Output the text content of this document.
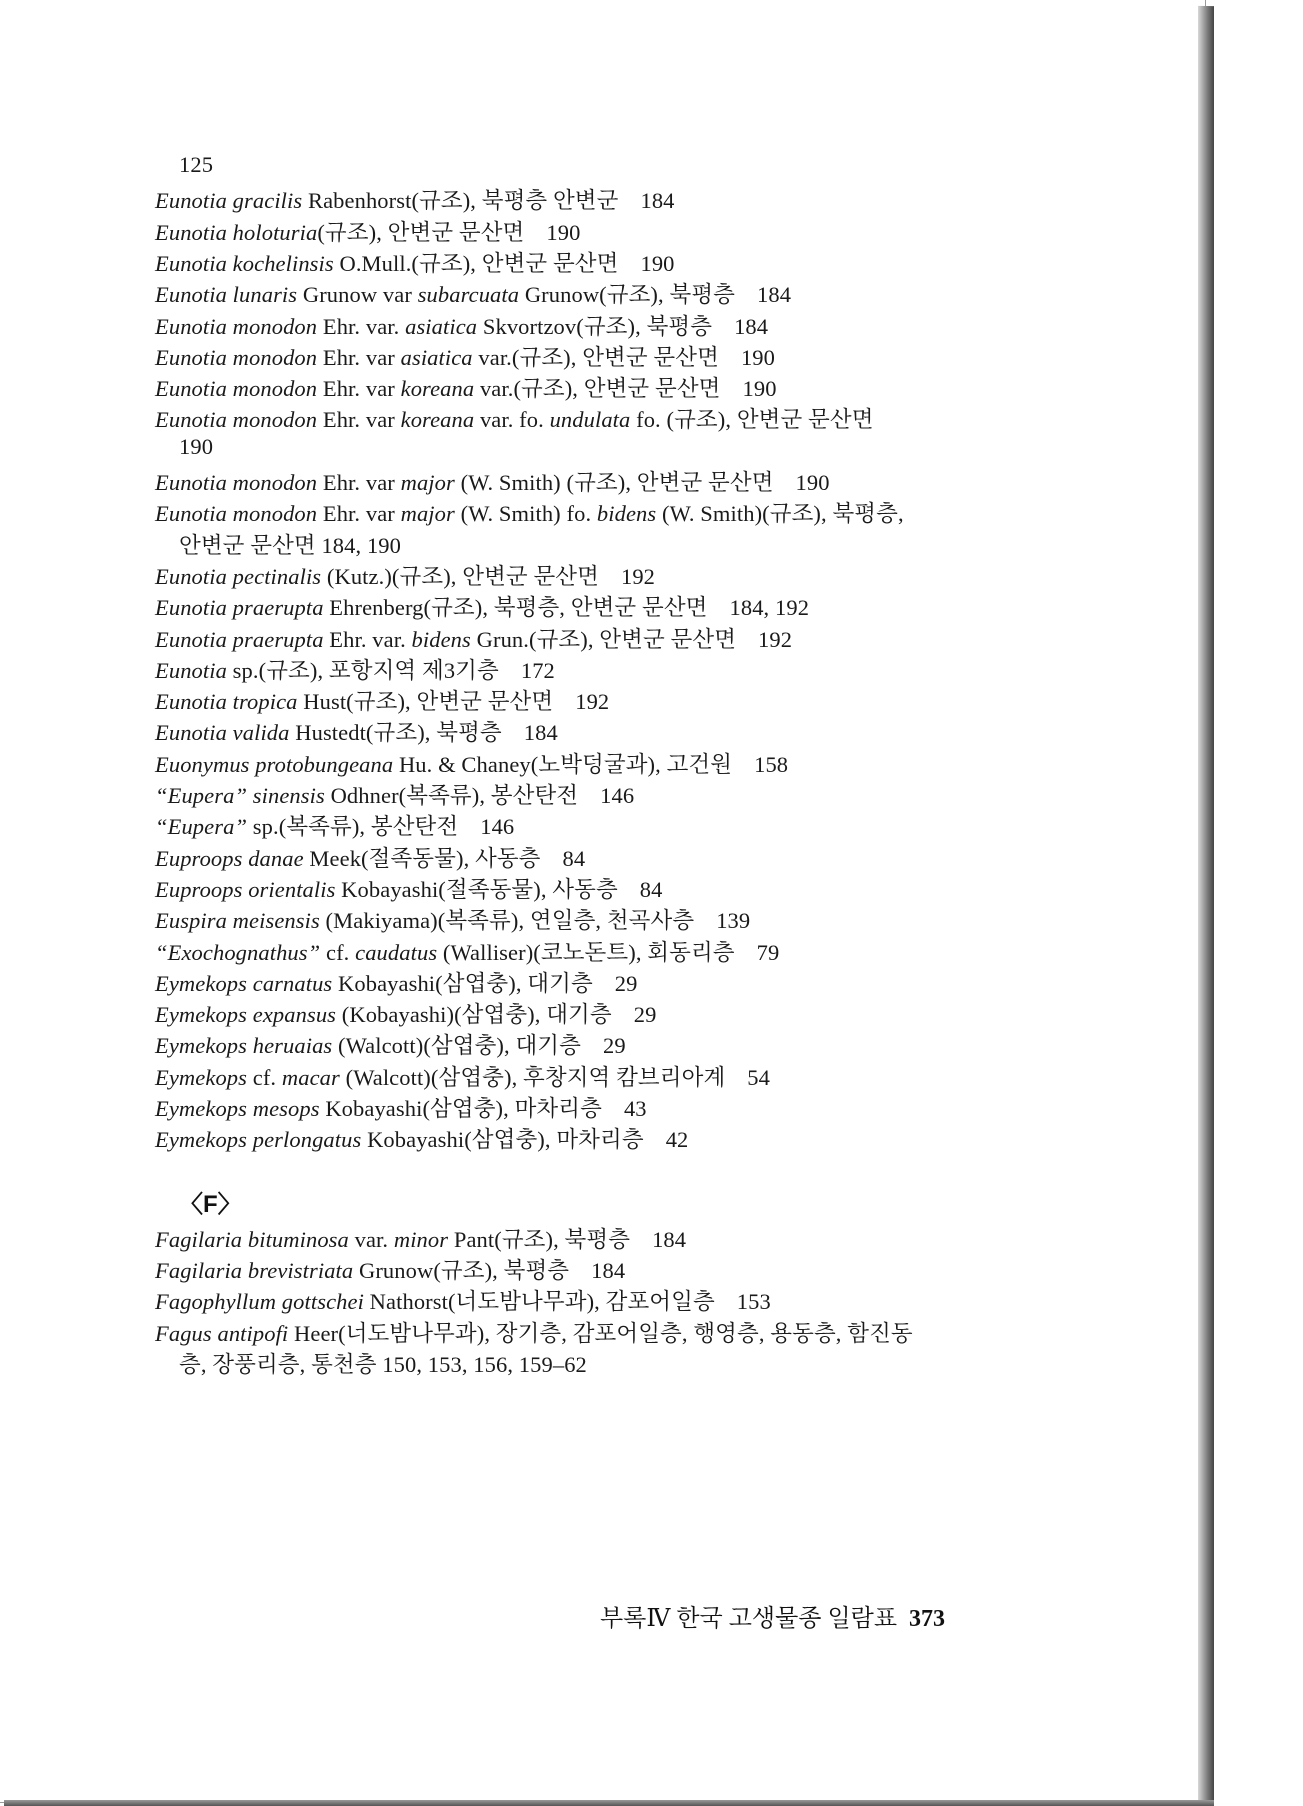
125
Eunotia gracilis Rabenhorst(규조), 북평층 안변군 184
Eunotia holoturia(규조), 안변군 문산면 190
Eunotia kochelinsis O.Mull.(규조), 안변군 문산면 190
Eunotia lunaris Grunow var subarcuata Grunow(규조), 북평층 184
Eunotia monodon Ehr. var. asiatica Skvortzov(규조), 북평층 184
Eunotia monodon Ehr. var asiatica var.(규조), 안변군 문산면 190
Eunotia monodon Ehr. var koreana var.(규조), 안변군 문산면 190
Eunotia monodon Ehr. var koreana var. fo. undulata fo. (규조), 안변군 문산면
190
Eunotia monodon Ehr. var major (W. Smith) (규조), 안변군 문산면 190
Eunotia monodon Ehr. var major (W. Smith) fo. bidens (W. Smith)(규조), 북평층,
안변군 문산면 184, 190
Eunotia pectinalis (Kutz.)(규조), 안변군 문산면 192
Eunotia praerupta Ehrenberg(규조), 북평층, 안변군 문산면 184, 192
Eunotia praerupta Ehr. var. bidens Grun.(규조), 안변군 문산면 192
Eunotia sp.(규조), 포항지역 제3기층 172
Eunotia tropica Hust(규조), 안변군 문산면 192
Eunotia valida Hustedt(규조), 북평층 184
Euonymus protobungeana Hu. & Chaney(노박덩굴과), 고건원 158
“Eupera” sinensis Odhner(복족류), 봉산탄전 146
“Eupera” sp.(복족류), 봉산탄전 146
Euproops danae Meek(절족동물), 사동층 84
Euproops orientalis Kobayashi(절족동물), 사동층 84
Euspira meisensis (Makiyama)(복족류), 연일층, 천곡사층 139
“Exochognathus” cf. caudatus (Walliser)(코노돈트), 회동리층 79
Eymekops carnatus Kobayashi(삼엽충), 대기층 29
Eymekops expansus (Kobayashi)(삼엽충), 대기층 29
Eymekops heruaias (Walcott)(삼엽충), 대기층 29
Eymekops cf. macar (Walcott)(삼엽충), 후창지역 캄브리아계 54
Eymekops mesops Kobayashi(삼엽충), 마차리층 43
Eymekops perlongatus Kobayashi(삼엽충), 마차리층 42
〈F〉
Fagilaria bituminosa var. minor Pant(규조), 북평층 184
Fagilaria brevistriata Grunow(규조), 북평층 184
Fagophyllum gottschei Nathorst(너도밤나무과), 감포어일층 153
Fagus antipofi Heer(너도밤나무과), 장기층, 감포어일층, 행영층, 용동층, 함진동
층, 장풍리층, 통천층 150, 153, 156, 159–62
부록Ⅳ 한국 고생물종 일람표 373
